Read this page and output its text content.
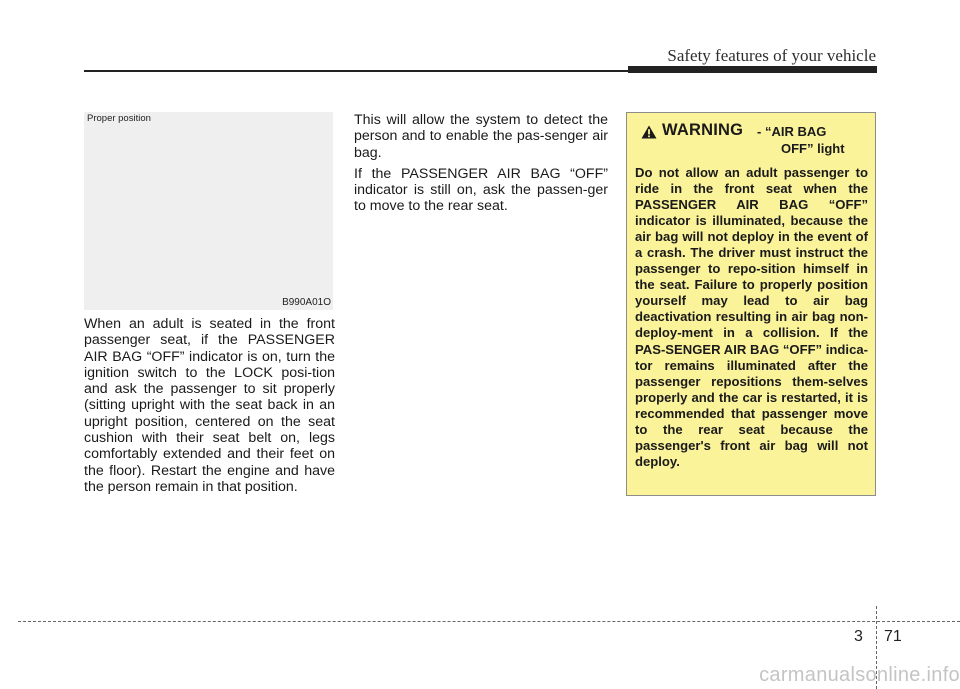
Safety features of your vehicle
Proper position
B990A01O

When an adult is seated in the front passenger seat, if the PASSENGER AIR BAG “OFF” indicator is on, turn the ignition switch to the LOCK posi-tion and ask the passenger to sit properly (sitting upright with the seat back in an upright position, centered on the seat cushion with their seat belt on, legs comfortably extended and their feet on the floor). Restart the engine and have the person remain in that position.

This will allow the system to detect the person and to enable the pas-senger air bag.

If the PASSENGER AIR BAG “OFF” indicator is still on, ask the passen-ger to move to the rear seat.

WARNING - “AIR BAG
OFF” light
Do not allow an adult passenger to ride in the front seat when the PASSENGER AIR BAG “OFF” indicator is illuminated, because the air bag will not deploy in the event of a crash. The driver must instruct the passenger to repo-sition himself in the seat. Failure to properly position yourself may lead to air bag deactivation resulting in air bag non-deploy-ment in a collision. If the PAS-SENGER AIR BAG “OFF” indica-tor remains illuminated after the passenger repositions them-selves properly and the car is restarted, it is recommended that passenger move to the rear seat because the passenger's front air bag will not deploy.
3 71
carmanualsonline.info
